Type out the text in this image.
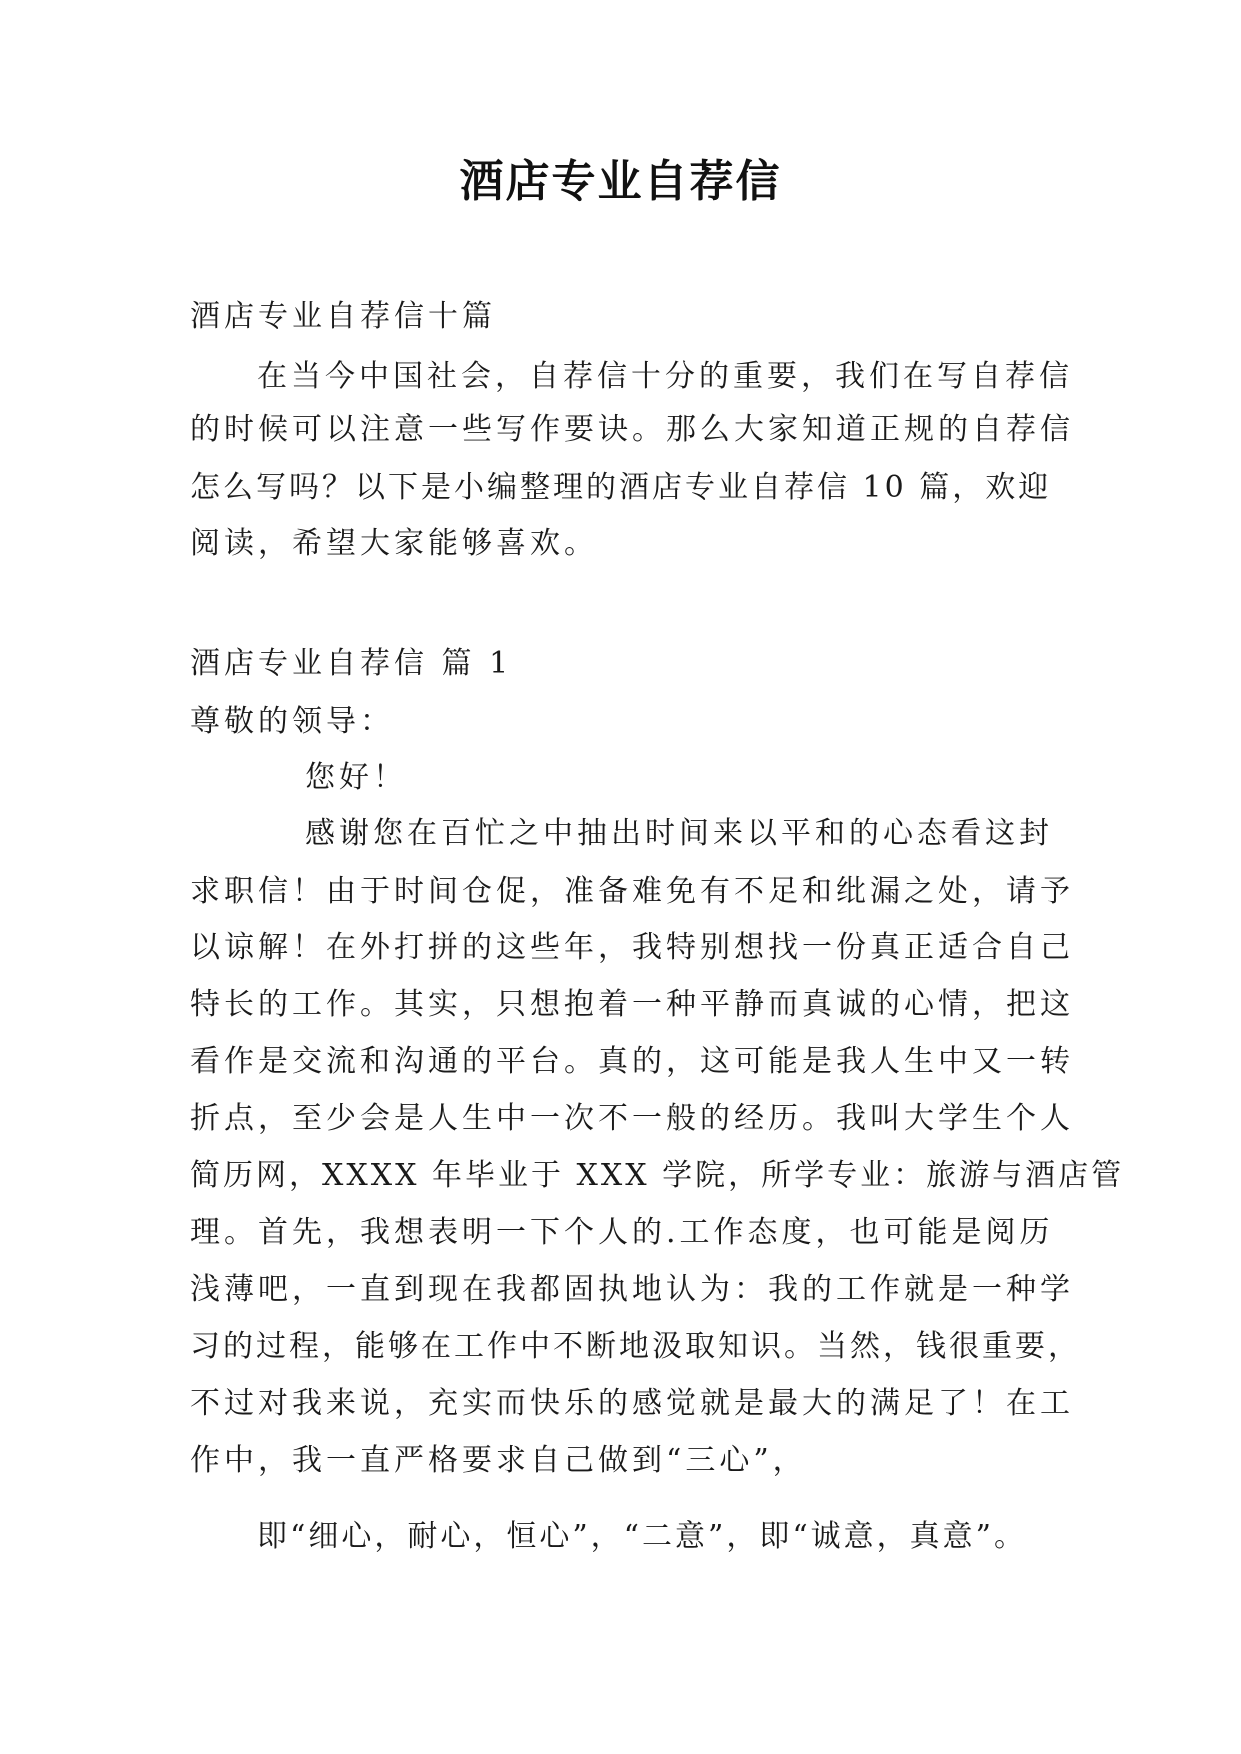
酒店专业自荐信

酒店专业自荐信十篇

在当今中国社会，自荐信十分的重要，我们在写自荐信

的时候可以注意一些写作要诀。那么大家知道正规的自荐信

怎么写吗？以下是小编整理的酒店专业自荐信 10 篇，欢迎

阅读，希望大家能够喜欢。

酒店专业自荐信 篇 1

尊敬的领导：

您好！

感谢您在百忙之中抽出时间来以平和的心态看这封

求职信！由于时间仓促，准备难免有不足和纰漏之处，请予

以谅解！在外打拼的这些年，我特别想找一份真正适合自己

特长的工作。其实，只想抱着一种平静而真诚的心情，把这

看作是交流和沟通的平台。真的，这可能是我人生中又一转

折点，至少会是人生中一次不一般的经历。我叫大学生个人

简历网，XXXX 年毕业于 XXX 学院，所学专业：旅游与酒店管

理。首先，我想表明一下个人的.工作态度，也可能是阅历

浅薄吧，一直到现在我都固执地认为：我的工作就是一种学

习的过程，能够在工作中不断地汲取知识。当然，钱很重要，

不过对我来说，充实而快乐的感觉就是最大的满足了！在工

作中，我一直严格要求自己做到“三心”，

即“细心，耐心，恒心”，“二意”，即“诚意，真意”。
